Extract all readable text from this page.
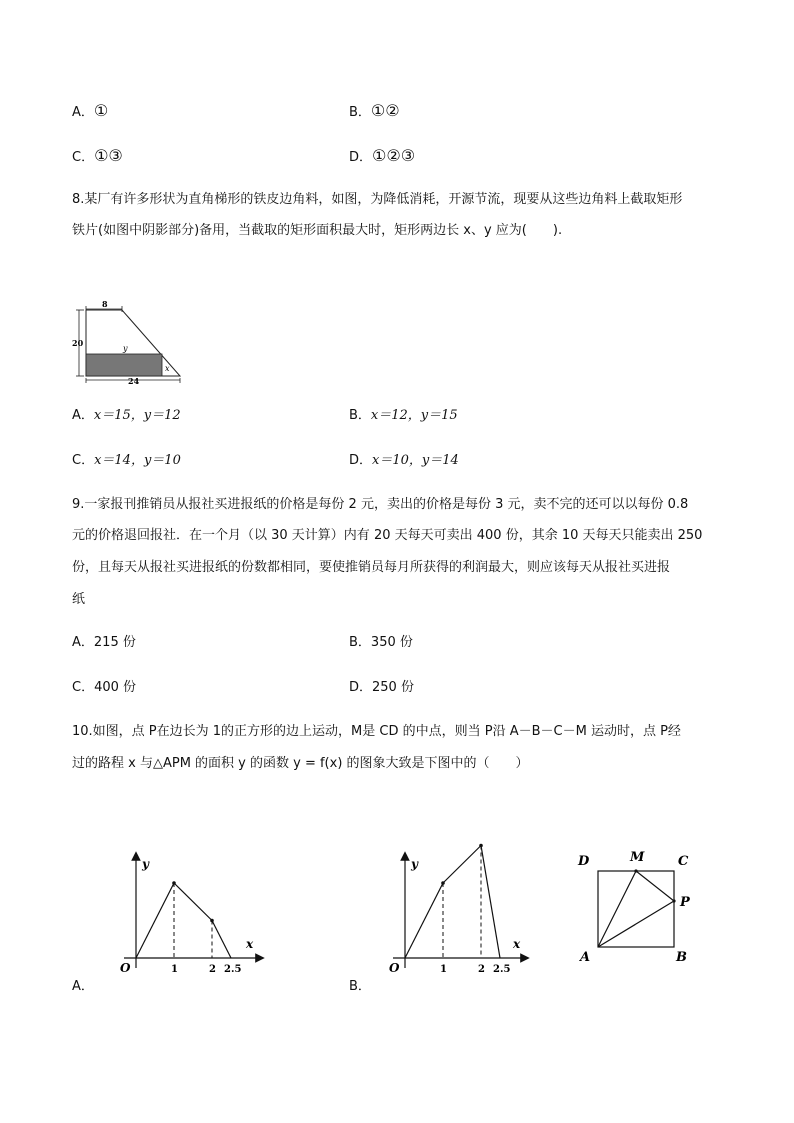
A．①	B．①②
C．①③	D．①②③
8.某厂有许多形状为直角梯形的铁皮边角料，如图，为降低消耗，开源节流，现要从这些边角料上截取矩形
铁片(如图中阴影部分)备用，当截取的矩形面积最大时，矩形两边长 x、y 应为(　　).
8
20
y
x
24
A．x＝15，y＝12	B．x＝12，y＝15
C．x＝14，y＝10	D．x＝10，y＝14
9.一家报刊推销员从报社买进报纸的价格是每份 2 元，卖出的价格是每份 3 元，卖不完的还可以以每份 0.8
元的价格退回报社．在一个月（以 30 天计算）内有 20 天每天可卖出 400 份，其余 10 天每天只能卖出 250
份，且每天从报社买进报纸的份数都相同，要使推销员每月所获得的利润最大，则应该每天从报社买进报
纸
A．215 份	B．350 份
C．400 份	D．250 份
10.如图，点 P在边长为 1的正方形的边上运动，M是 CD 的中点，则当 P沿 A－B－C－M 运动时，点 P经
过的路程 x 与△APM 的面积 y 的函数 y = f(x) 的图象大致是下图中的（　　）
y
x
O	1	2 2.5
A．
y
x
O	1	2 2.5
B．
D	M	C
P
A	B
